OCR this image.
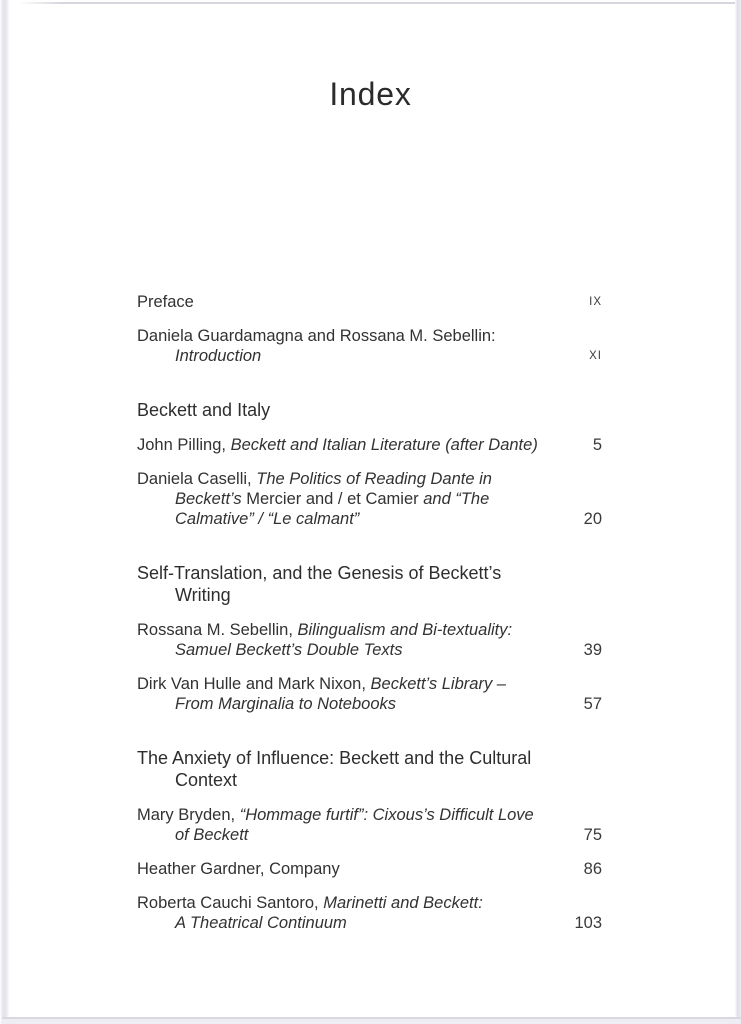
Index
Preface	IX
Daniela Guardamagna and Rossana M. Sebellin:
Introduction	XI
Beckett and Italy
John Pilling, Beckett and Italian Literature (after Dante)	5
Daniela Caselli, The Politics of Reading Dante in
Beckett’s Mercier and / et Camier and “The
Calmative” / “Le calmant”	20
Self-Translation, and the Genesis of Beckett’s
Writing
Rossana M. Sebellin, Bilingualism and Bi-textuality:
Samuel Beckett’s Double Texts	39
Dirk Van Hulle and Mark Nixon, Beckett’s Library –
From Marginalia to Notebooks	57
The Anxiety of Influence: Beckett and the Cultural
Context
Mary Bryden, “Hommage furtif”: Cixous’s Difficult Love
of Beckett	75
Heather Gardner, Company	86
Roberta Cauchi Santoro, Marinetti and Beckett:
A Theatrical Continuum	103
